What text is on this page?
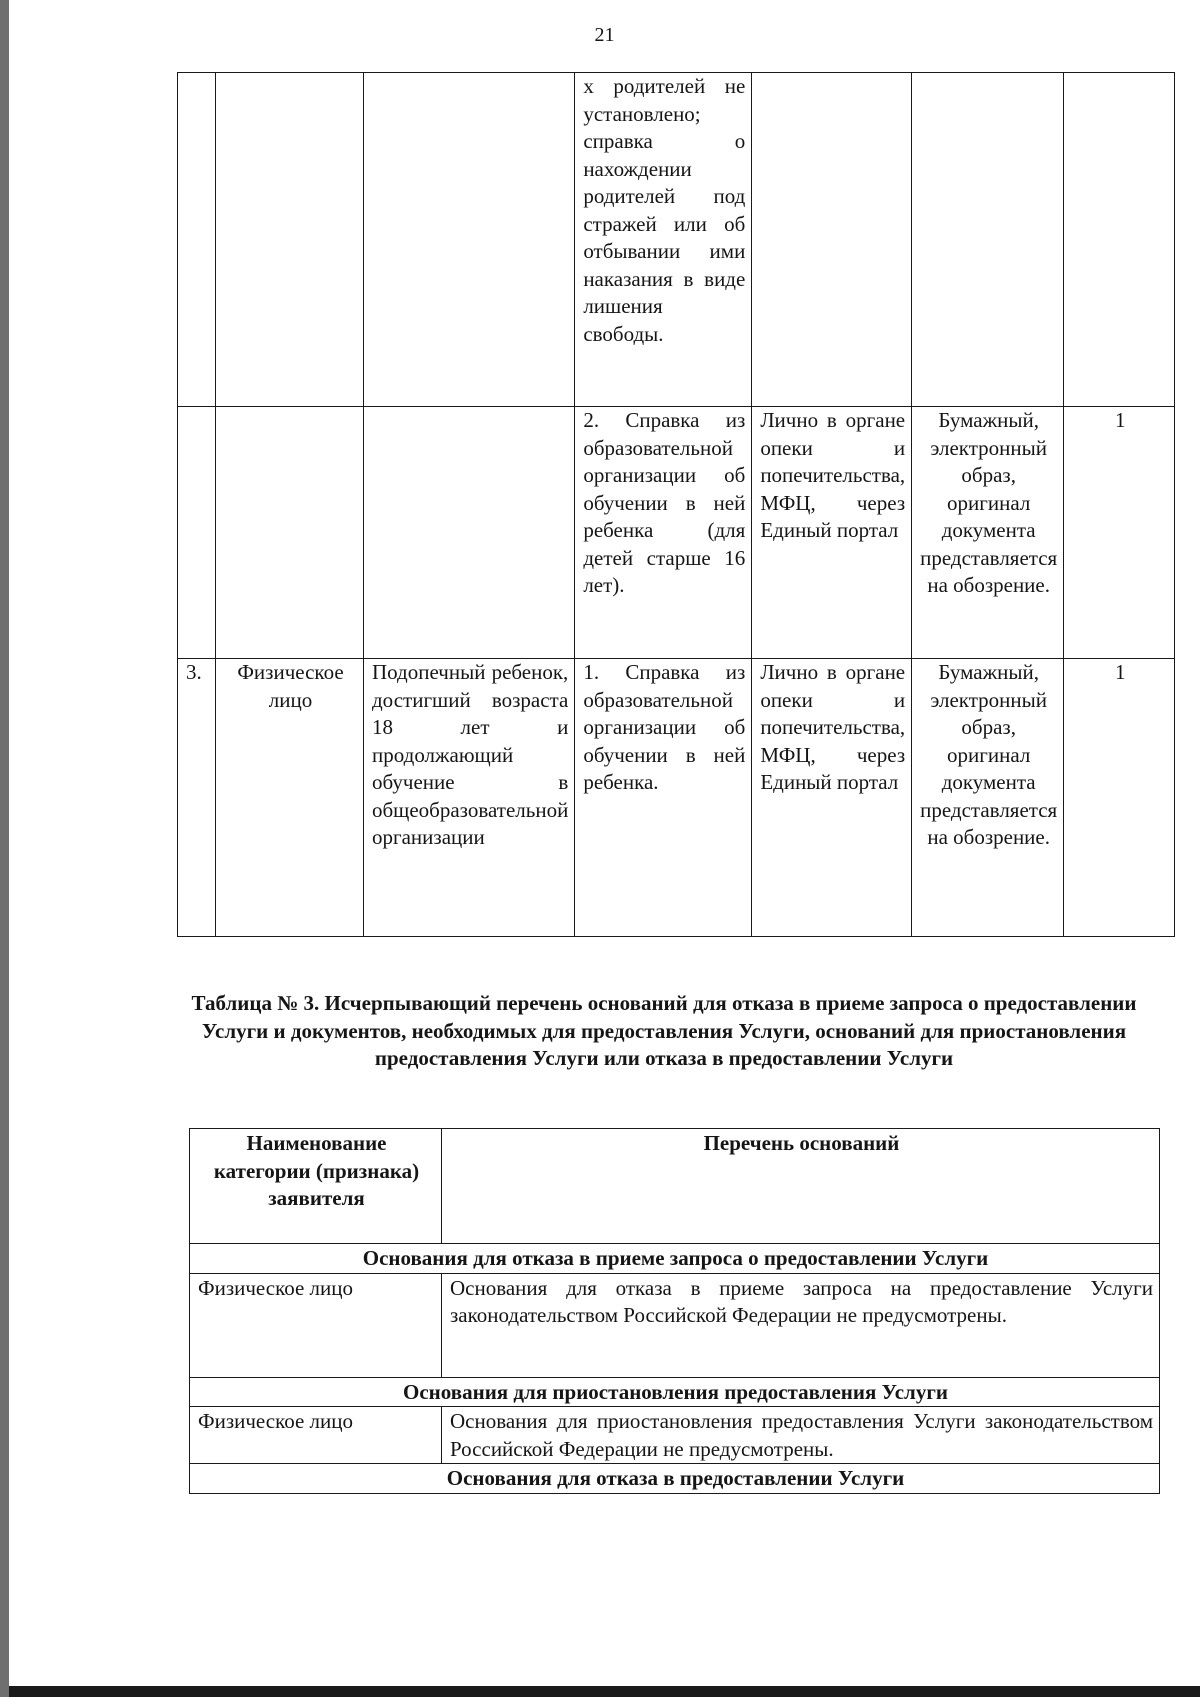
21
			х родителей не установлено; справка о нахождении родителей под стражей или об отбывании ими наказания в виде лишения свободы.			
			2. Справка из образовательной организации об обучении в ней ребенка (для детей старше 16 лет).	Лично в органе опеки и попечительства, МФЦ, через Единый портал	Бумажный, электронный образ, оригинал документа представляется на обозрение.	1
3.	Физическое лицо	Подопечный ребенок, достигший возраста 18 лет и продолжающий обучение в общеобразовательной организации	1. Справка из образовательной организации об обучении в ней ребенка.	Лично в органе опеки и попечительства, МФЦ, через Единый портал	Бумажный, электронный образ, оригинал документа представляется на обозрение.	1
Таблица № 3. Исчерпывающий перечень оснований для отказа в приеме запроса о предоставлении Услуги и документов, необходимых для предоставления Услуги, оснований для приостановления предоставления Услуги или отказа в предоставлении Услуги
Наименование категории (признака) заявителя	Перечень оснований
Основания для отказа в приеме запроса о предоставлении Услуги	
Физическое лицо	Основания для отказа в приеме запроса на предоставление Услуги законодательством Российской Федерации не предусмотрены.
Основания для приостановления предоставления Услуги	
Физическое лицо	Основания для приостановления предоставления Услуги законодательством Российской Федерации не предусмотрены.
Основания для отказа в предоставлении Услуги	
